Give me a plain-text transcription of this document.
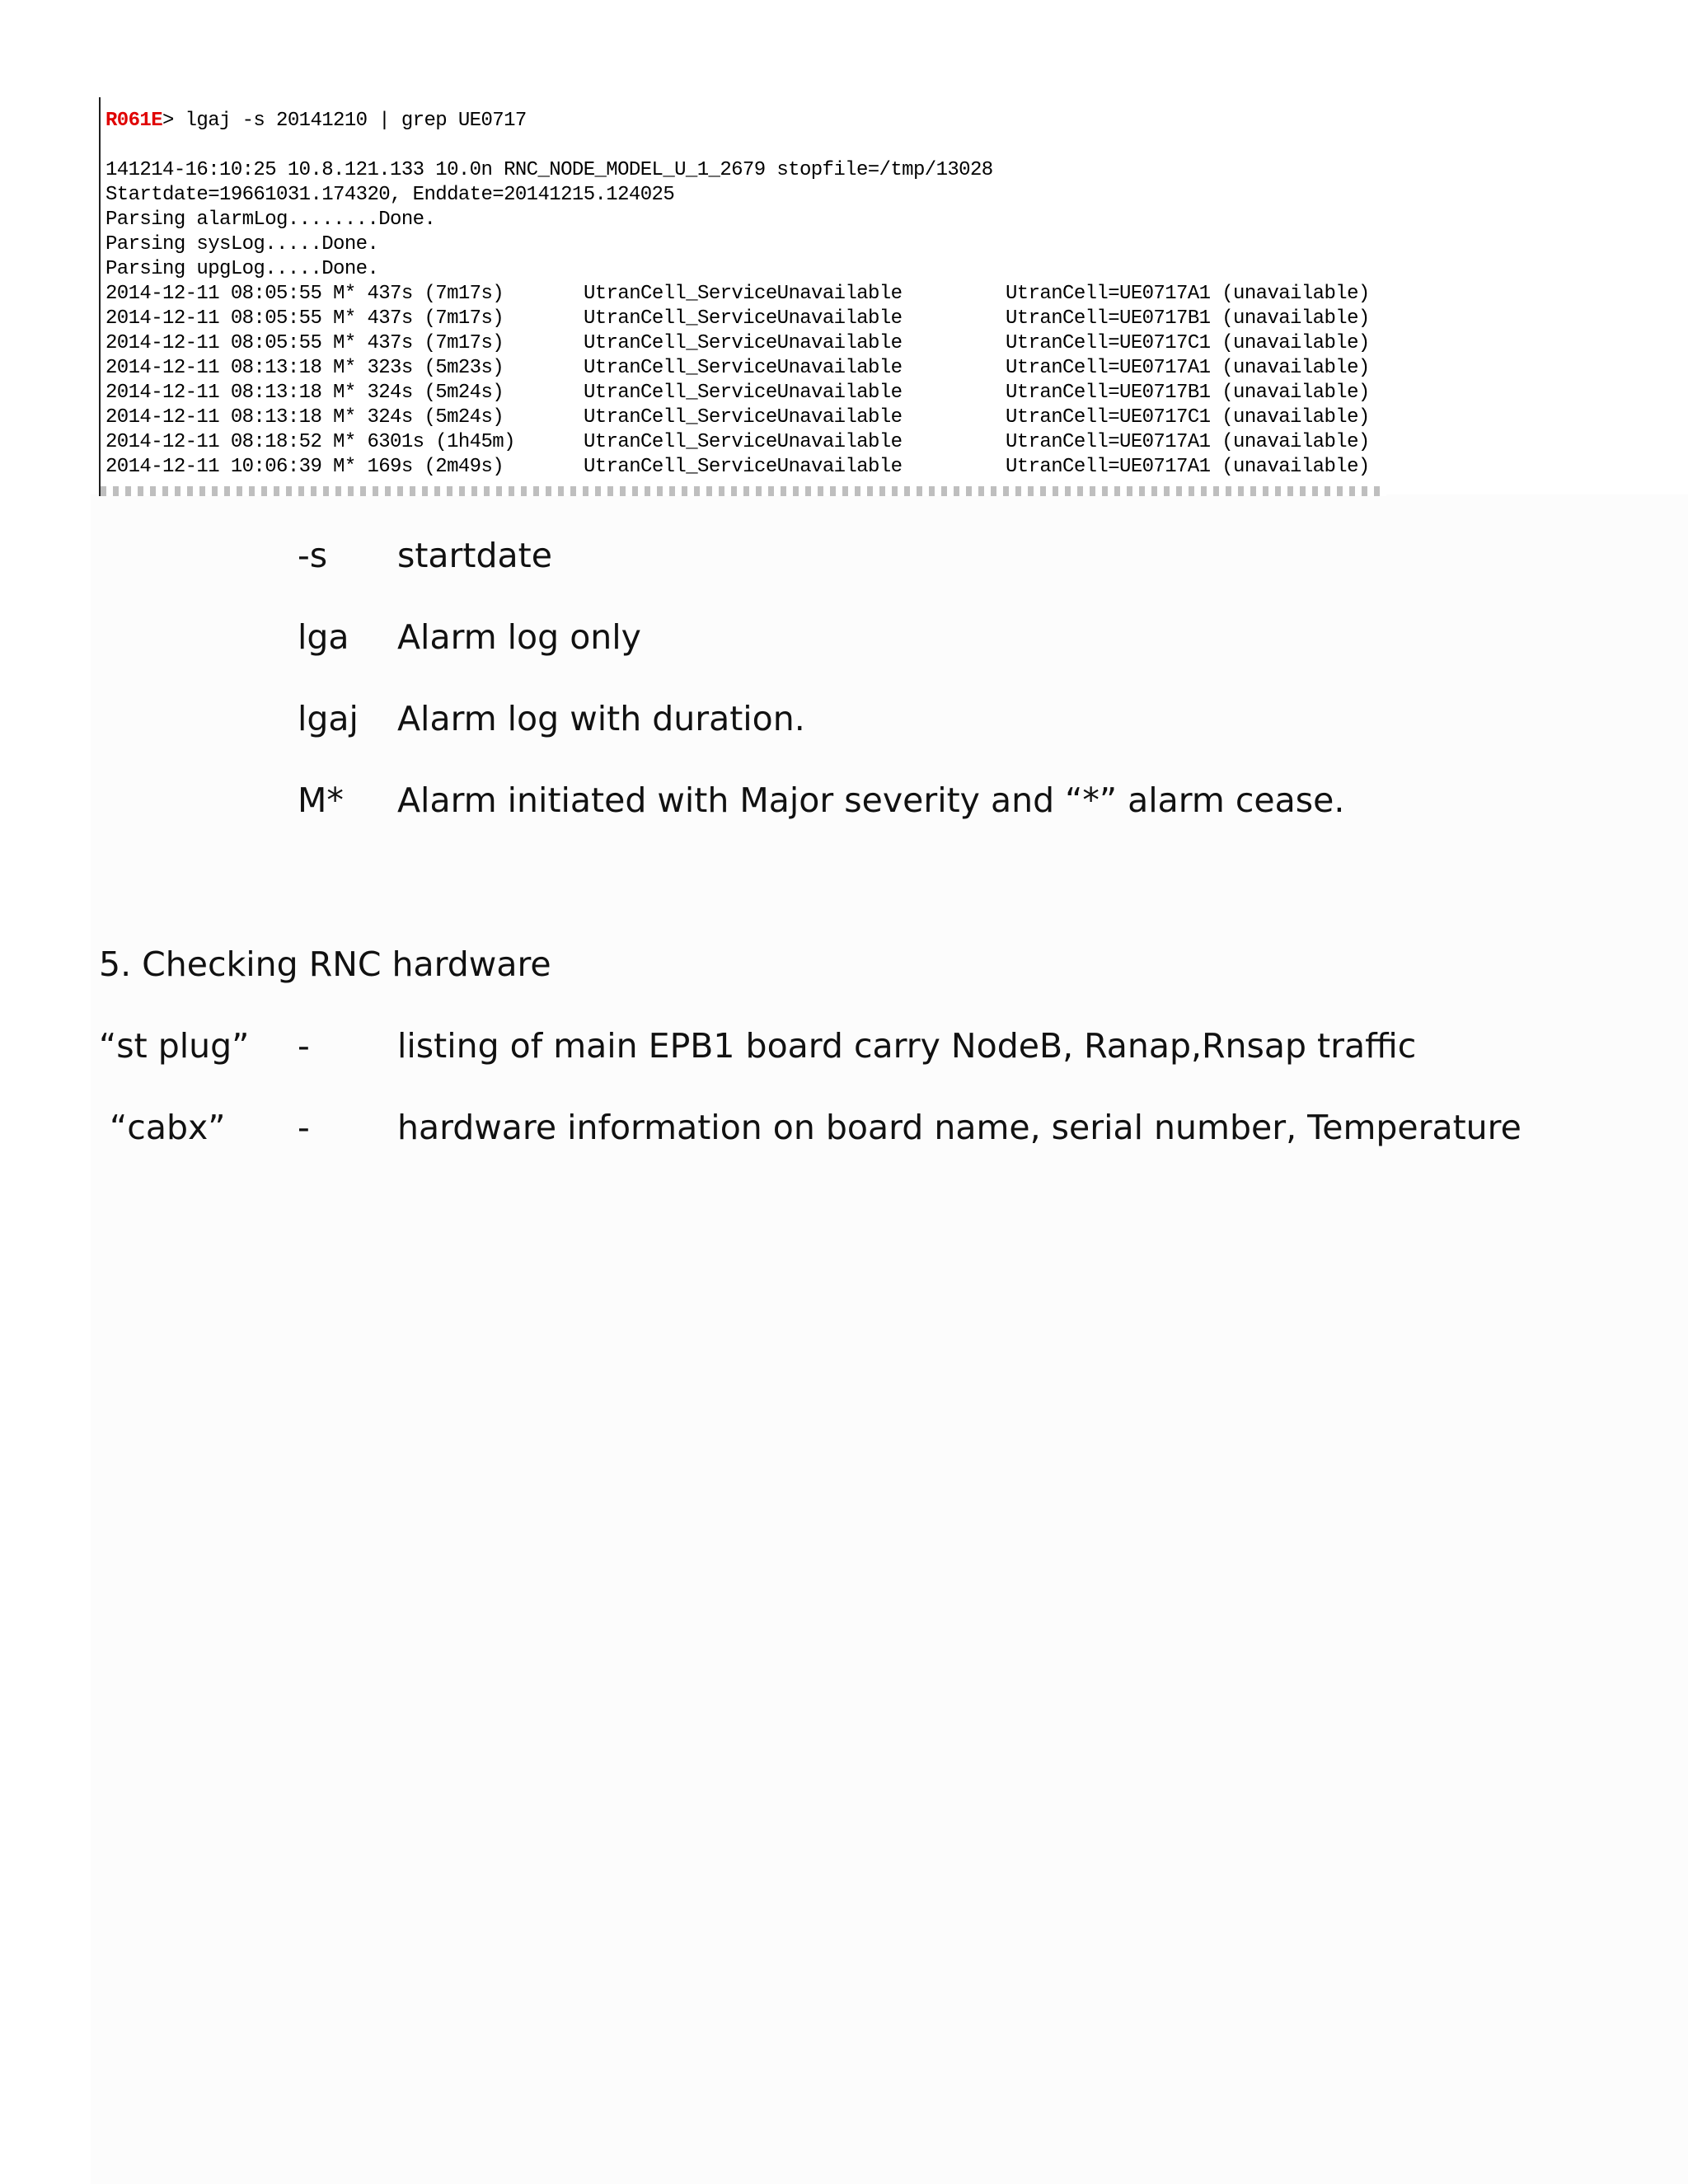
R061E> lgaj -s 20141210 | grep UE0717
141214-16:10:25 10.8.121.133 10.0n RNC_NODE_MODEL_U_1_2679 stopfile=/tmp/13028
Startdate=19661031.174320, Enddate=20141215.124025
Parsing alarmLog........Done.
Parsing sysLog.....Done.
Parsing upgLog.....Done.

2014-12-11 08:05:55 M* 437s (7m17s)

	UtranCell_ServiceUnavailable

	UtranCell=UE0717A1 (unavailable)

2014-12-11 08:05:55 M* 437s (7m17s)

	UtranCell_ServiceUnavailable

	UtranCell=UE0717B1 (unavailable)

2014-12-11 08:05:55 M* 437s (7m17s)

	UtranCell_ServiceUnavailable

	UtranCell=UE0717C1 (unavailable)

2014-12-11 08:13:18 M* 323s (5m23s)

	UtranCell_ServiceUnavailable

	UtranCell=UE0717A1 (unavailable)

2014-12-11 08:13:18 M* 324s (5m24s)

	UtranCell_ServiceUnavailable

	UtranCell=UE0717B1 (unavailable)

2014-12-11 08:13:18 M* 324s (5m24s)

	UtranCell_ServiceUnavailable

	UtranCell=UE0717C1 (unavailable)

2014-12-11 08:18:52 M* 6301s (1h45m)

	UtranCell_ServiceUnavailable

	UtranCell=UE0717A1 (unavailable)

2014-12-11 10:06:39 M* 169s (2m49s)

	UtranCell_ServiceUnavailable

	UtranCell=UE0717A1 (unavailable)

-s startdate
lga Alarm log only
lgaj Alarm log with duration.
M* Alarm initiated with Major severity and “*” alarm cease.
5. Checking RNC hardware
“st plug” -	listing of main EPB1 board carry NodeB, Ranap,Rnsap traffic
“cabx” -	hardware information on board name, serial number, Temperature
